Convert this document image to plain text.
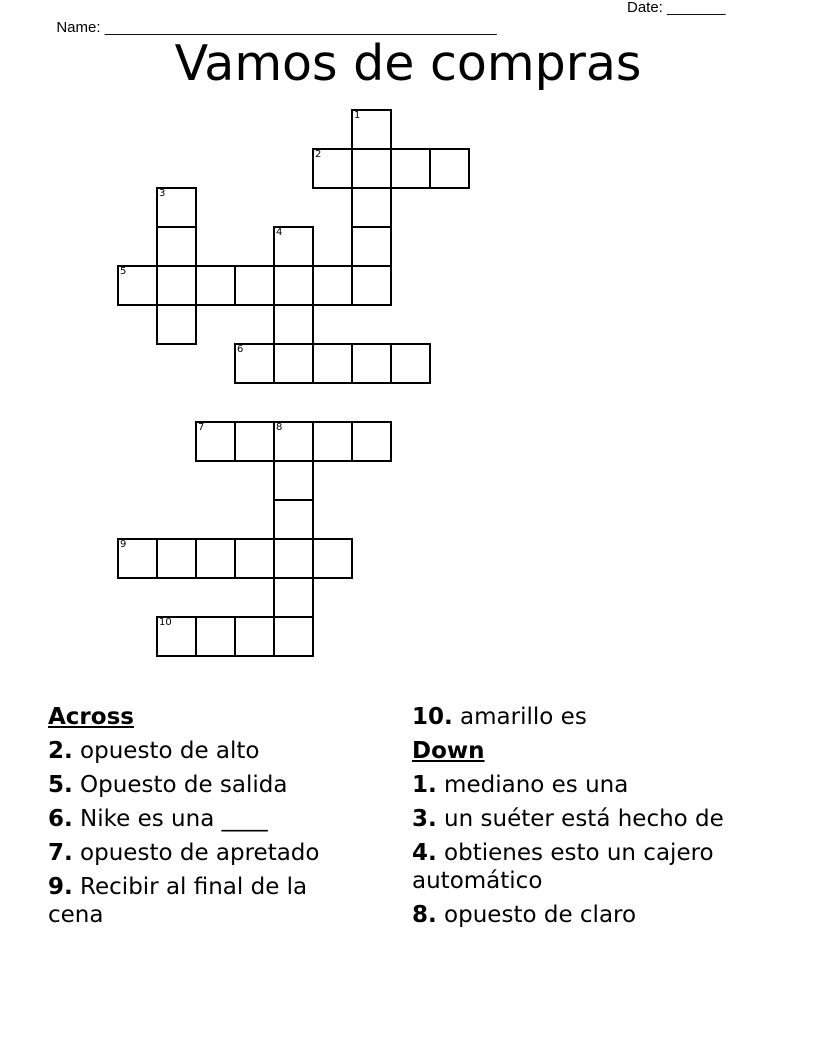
Name: _______________________________________________

Date: _______

Vamos de compras
1
2
3
4
5
6
7	8
9
10
Across
2. opuesto de alto
5. Opuesto de salida
6. Nike es una ____
7. opuesto de apretado
9. Recibir al final de la cena
10. amarillo es
Down
1. mediano es una
3. un suéter está hecho de
4. obtienes esto un cajero automático
8. opuesto de claro
